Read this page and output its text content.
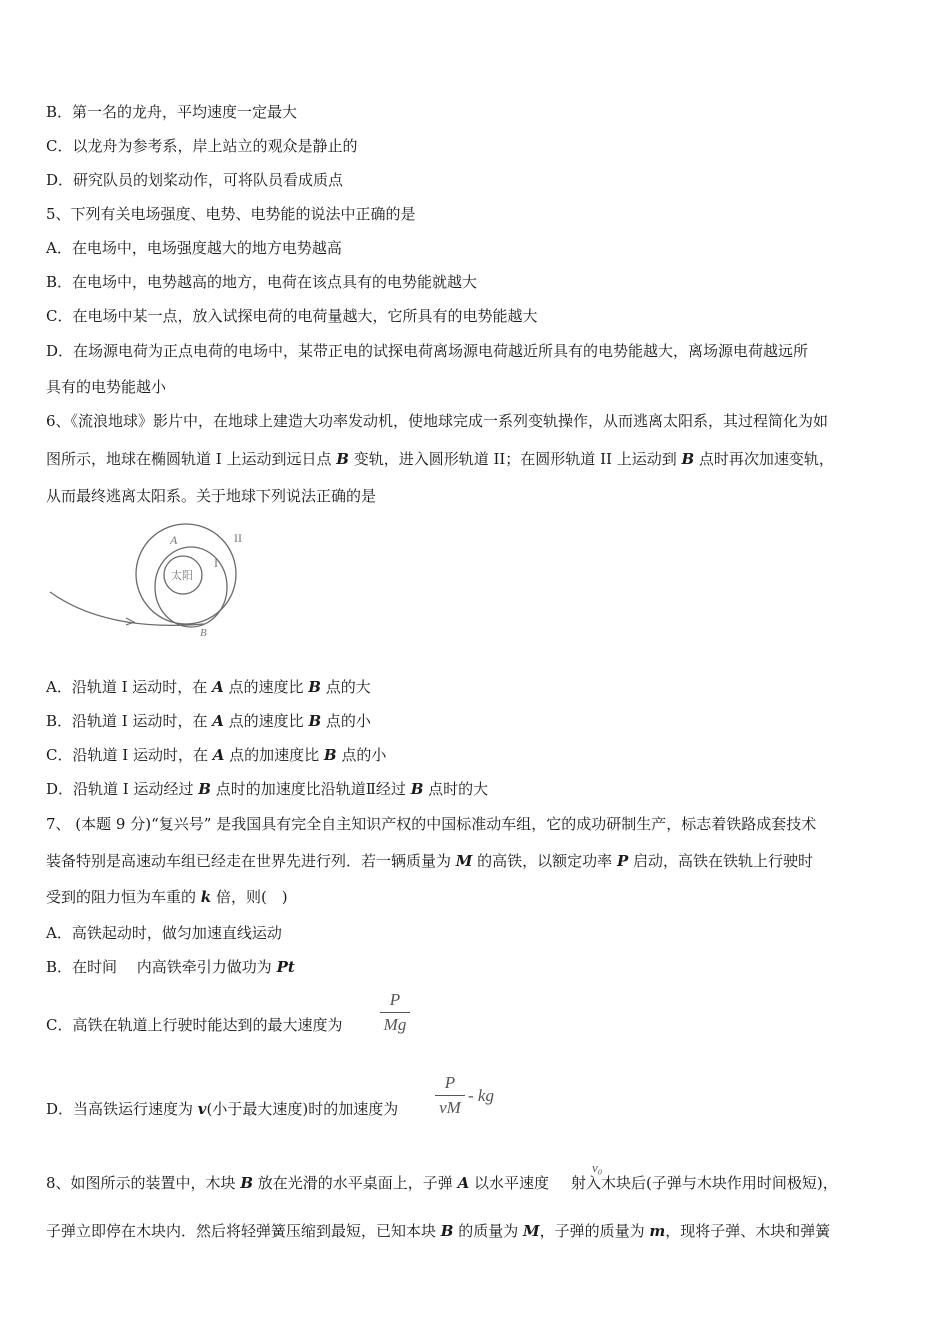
B．第一名的龙舟，平均速度一定最大
C．以龙舟为参考系，岸上站立的观众是静止的
D．研究队员的划桨动作，可将队员看成质点
5、下列有关电场强度、电势、电势能的说法中正确的是
A．在电场中，电场强度越大的地方电势越高
B．在电场中，电势越高的地方，电荷在该点具有的电势能就越大
C．在电场中某一点，放入试探电荷的电荷量越大，它所具有的电势能越大
D．在场源电荷为正点电荷的电场中，某带正电的试探电荷离场源电荷越近所具有的电势能越大，离场源电荷越远所
具有的电势能越小
6、《流浪地球》影片中，在地球上建造大功率发动机，使地球完成一系列变轨操作，从而逃离太阳系，其过程简化为如
图所示，地球在椭圆轨道 I 上运动到远日点 B 变轨，进入圆形轨道 II；在圆形轨道 II 上运动到 B 点时再次加速变轨，
从而最终逃离太阳系。关于地球下列说法正确的是
太阳
I
II
A
B
A．沿轨道 I 运动时，在 A 点的速度比 B 点的大
B．沿轨道 I 运动时，在 A 点的速度比 B 点的小
C．沿轨道 I 运动时，在 A 点的加速度比 B 点的小
D．沿轨道 I 运动经过 B 点时的加速度比沿轨道Ⅱ经过 B 点时的大
7、 (本题 9 分)“复兴号” 是我国具有完全自主知识产权的中国标准动车组，它的成功研制生产，标志着铁路成套技术
装备特别是高速动车组已经走在世界先进行列．若一辆质量为 M 的高铁，以额定功率 P 启动，高铁在铁轨上行驶时
受到的阻力恒为车重的 k 倍，则(　)
A．高铁起动时，做匀加速直线运动
B．在时间　 内高铁牵引力做功为 Pt
C．高铁在轨道上行驶时能达到的最大速度为
P
Mg
D．当高铁运行速度为 v(小于最大速度)时的加速度为
P
vM
- kg
8、如图所示的装置中，木块 B 放在光滑的水平桌面上，子弹 A 以水平速度 射入木块后(子弹与木块作用时间极短)，
v₀
子弹立即停在木块内．然后将轻弹簧压缩到最短，已知本块 B 的质量为 M，子弹的质量为 m，现将子弹、木块和弹簧
